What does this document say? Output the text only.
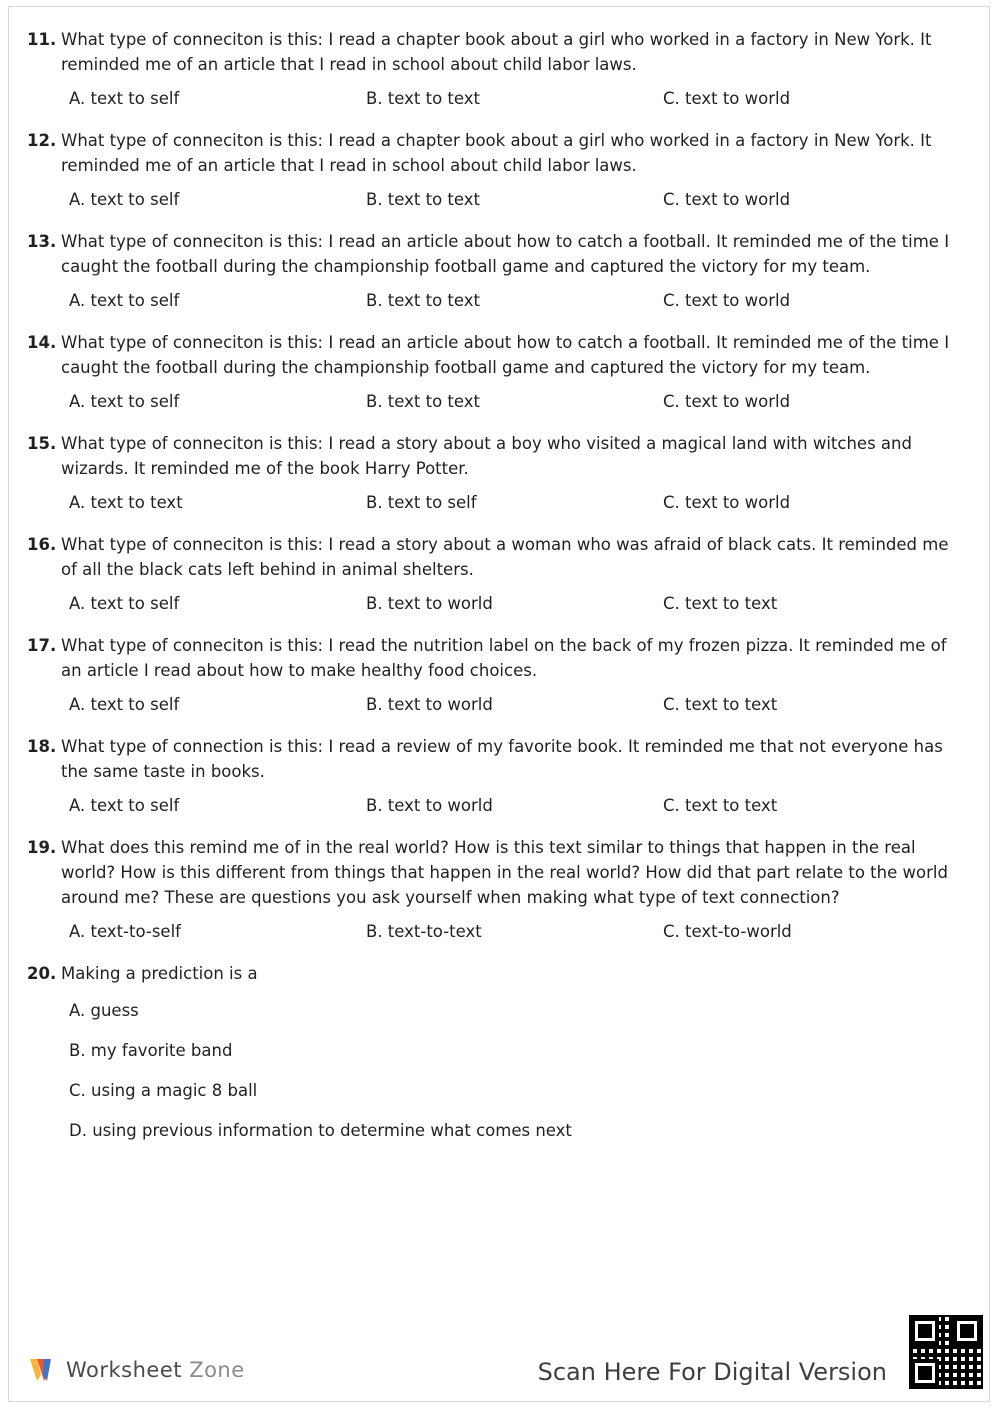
11. What type of conneciton is this: I read a chapter book about a girl who worked in a factory in New York. It reminded me of an article that I read in school about child labor laws.
A. text to self	B. text to text	C. text to world
12. What type of conneciton is this: I read a chapter book about a girl who worked in a factory in New York. It reminded me of an article that I read in school about child labor laws.
A. text to self	B. text to text	C. text to world
13. What type of conneciton is this: I read an article about how to catch a football. It reminded me of the time I caught the football during the championship football game and captured the victory for my team.
A. text to self	B. text to text	C. text to world
14. What type of conneciton is this: I read an article about how to catch a football. It reminded me of the time I caught the football during the championship football game and captured the victory for my team.
A. text to self	B. text to text	C. text to world
15. What type of conneciton is this: I read a story about a boy who visited a magical land with witches and wizards. It reminded me of the book Harry Potter.
A. text to text	B. text to self	C. text to world
16. What type of conneciton is this: I read a story about a woman who was afraid of black cats. It reminded me of all the black cats left behind in animal shelters.
A. text to self	B. text to world	C. text to text
17. What type of conneciton is this: I read the nutrition label on the back of my frozen pizza. It reminded me of an article I read about how to make healthy food choices.
A. text to self	B. text to world	C. text to text
18. What type of connection is this: I read a review of my favorite book. It reminded me that not everyone has the same taste in books.
A. text to self	B. text to world	C. text to text
19. What does this remind me of in the real world? How is this text similar to things that happen in the real world? How is this different from things that happen in the real world? How did that part relate to the world around me? These are questions you ask yourself when making what type of text connection?
A. text-to-self	B. text-to-text	C. text-to-world
20. Making a prediction is a
A. guess
B. my favorite band
C. using a magic 8 ball
D. using previous information to determine what comes next
Worksheet Zone	Scan Here For Digital Version
